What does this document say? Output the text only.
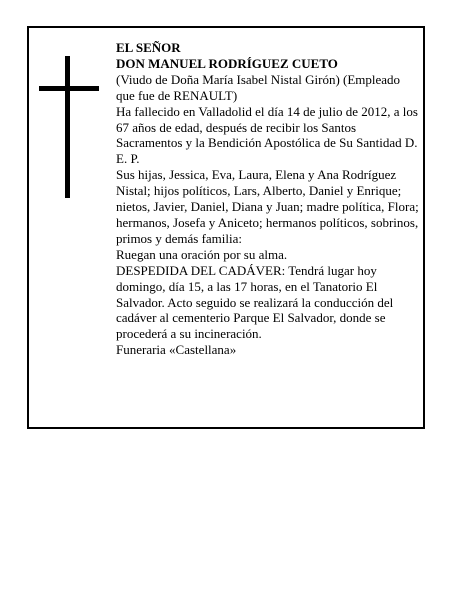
EL SEÑOR

DON MANUEL RODRÍGUEZ CUETO

(Viudo de Doña María Isabel Nistal Girón) (Empleado que fue de RENAULT)

Ha fallecido en Valladolid el día 14 de julio de 2012, a los 67 años de edad, después de recibir los Santos Sacramentos y la Bendición Apostólica de Su Santidad D. E. P.

Sus hijas, Jessica, Eva, Laura, Elena y Ana Rodríguez Nistal; hijos políticos, Lars, Alberto, Daniel y Enrique; nietos, Javier, Daniel, Diana y Juan; madre política, Flora; hermanos, Josefa y Aniceto; hermanos políticos, sobrinos, primos y demás familia:

Ruegan una oración por su alma.

DESPEDIDA DEL CADÁVER: Tendrá lugar hoy domingo, día 15, a las 17 horas, en el Tanatorio El Salvador. Acto seguido se realizará la conducción del cadáver al cementerio Parque El Salvador, donde se procederá a su incineración.

Funeraria «Castellana»
